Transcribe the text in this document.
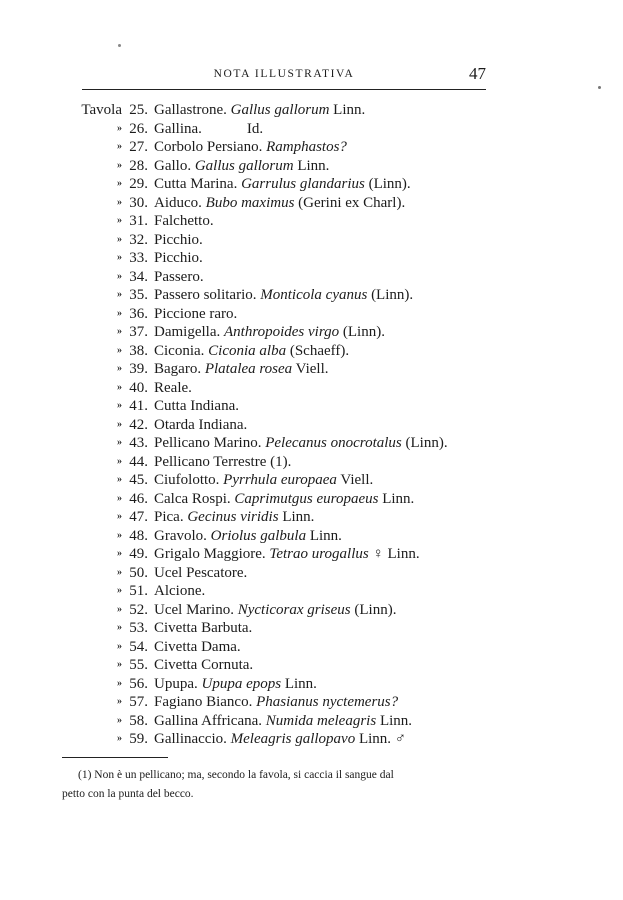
NOTA ILLUSTRATIVA	47
Tavola 25. Gallastrone. Gallus gallorum Linn.
» 26. Gallina.            Id.
» 27. Corbolo Persiano. Ramphastos?
» 28. Gallo. Gallus gallorum Linn.
» 29. Cutta Marina. Garrulus glandarius (Linn).
» 30. Aiduco. Bubo maximus (Gerini ex Charl).
» 31. Falchetto.
» 32. Picchio.
» 33. Picchio.
» 34. Passero.
» 35. Passero solitario. Monticola cyanus (Linn).
» 36. Piccione raro.
» 37. Damigella. Anthropoides virgo (Linn).
» 38. Ciconia. Ciconia alba (Schaeff).
» 39. Bagaro. Platalea rosea Viell.
» 40. Reale.
» 41. Cutta Indiana.
» 42. Otarda Indiana.
» 43. Pellicano Marino. Pelecanus onocrotalus (Linn).
» 44. Pellicano Terrestre (1).
» 45. Ciufolotto. Pyrrhula europaea Viell.
» 46. Calca Rospi. Caprimutgus europaeus Linn.
» 47. Pica. Gecinus viridis Linn.
» 48. Gravolo. Oriolus galbula Linn.
» 49. Grigalo Maggiore. Tetrao urogallus ♀ Linn.
» 50. Ucel Pescatore.
» 51. Alcione.
» 52. Ucel Marino. Nycticorax griseus (Linn).
» 53. Civetta Barbuta.
» 54. Civetta Dama.
» 55. Civetta Cornuta.
» 56. Upupa. Upupa epops Linn.
» 57. Fagiano Bianco. Phasianus nyctemerus?
» 58. Gallina Affricana. Numida meleagris Linn.
» 59. Gallinaccio. Meleagris gallopavo Linn. ♂
(1) Non è un pellicano; ma, secondo la favola, si caccia il sangue dal
petto con la punta del becco.
